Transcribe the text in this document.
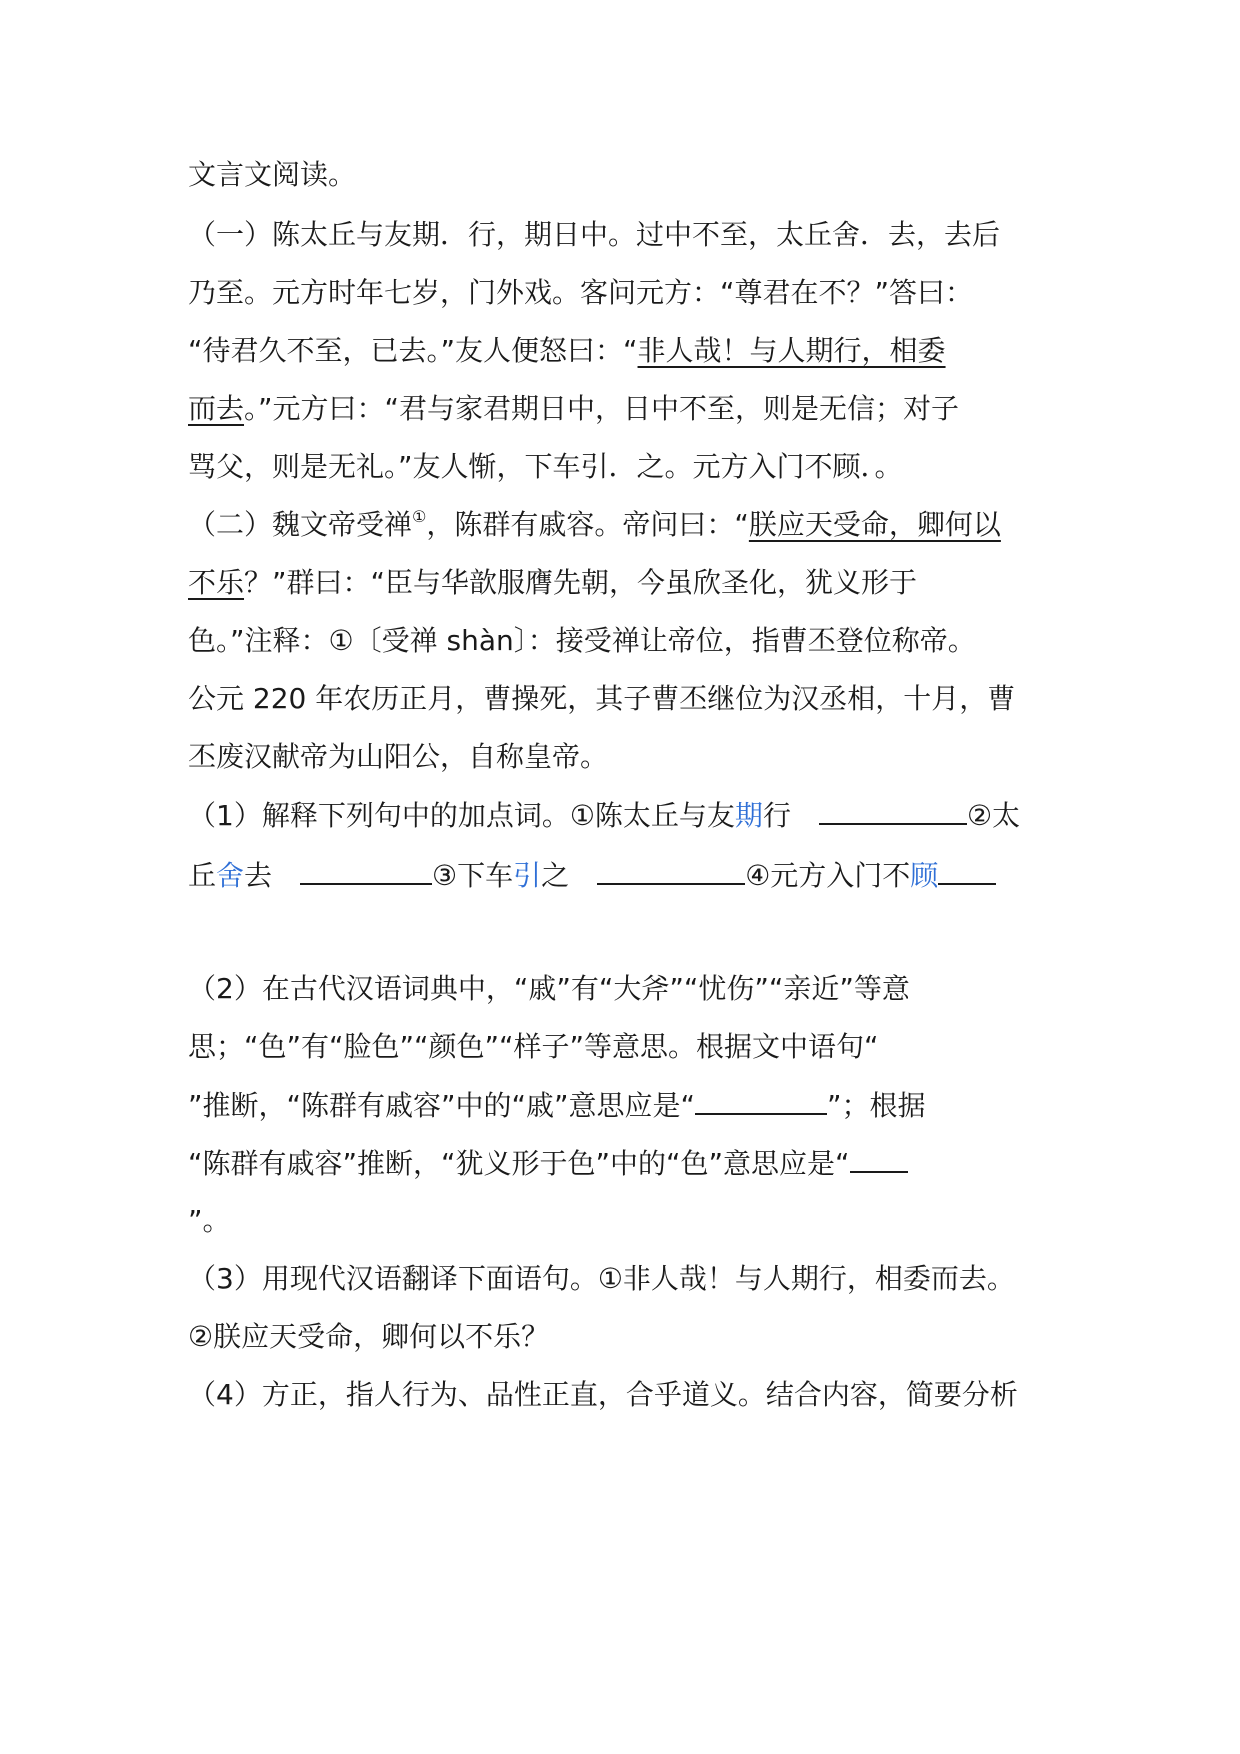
文言文阅读。
（一）陈太丘与友期．行，期日中。过中不至，太丘舍．去，去后
乃至。元方时年七岁，门外戏。客问元方：“尊君在不？”答曰：
“待君久不至，已去。”友人便怒曰：“非人哉！与人期行，相委
而去。”元方曰：“君与家君期日中，日中不至，则是无信；对子
骂父，则是无礼。”友人惭，下车引．之。元方入门不顾．。
（二）魏文帝受禅①，陈群有戚容。帝问曰：“朕应天受命，卿何以
不乐？”群曰：“臣与华歆服膺先朝，今虽欣圣化，犹义形于
色。”注释：①〔受禅 shàn〕：接受禅让帝位，指曹丕登位称帝。
公元 220 年农历正月，曹操死，其子曹丕继位为汉丞相，十月，曹
丕废汉献帝为山阳公，自称皇帝。
（1）解释下列句中的加点词。①陈太丘与友期行	②太
丘舍去	③下车引之	④元方入门不顾
（2）在古代汉语词典中，“戚”有“大斧”“忧伤”“亲近”等意
思；“色”有“脸色”“颜色”“样子”等意思。根据文中语句“
”推断，“陈群有戚容”中的“戚”意思应是“	”；根据
“陈群有戚容”推断，“犹义形于色”中的“色”意思应是“
”。
（3）用现代汉语翻译下面语句。①非人哉！与人期行，相委而去。
②朕应天受命，卿何以不乐？
（4）方正，指人行为、品性正直，合乎道义。结合内容，简要分析
